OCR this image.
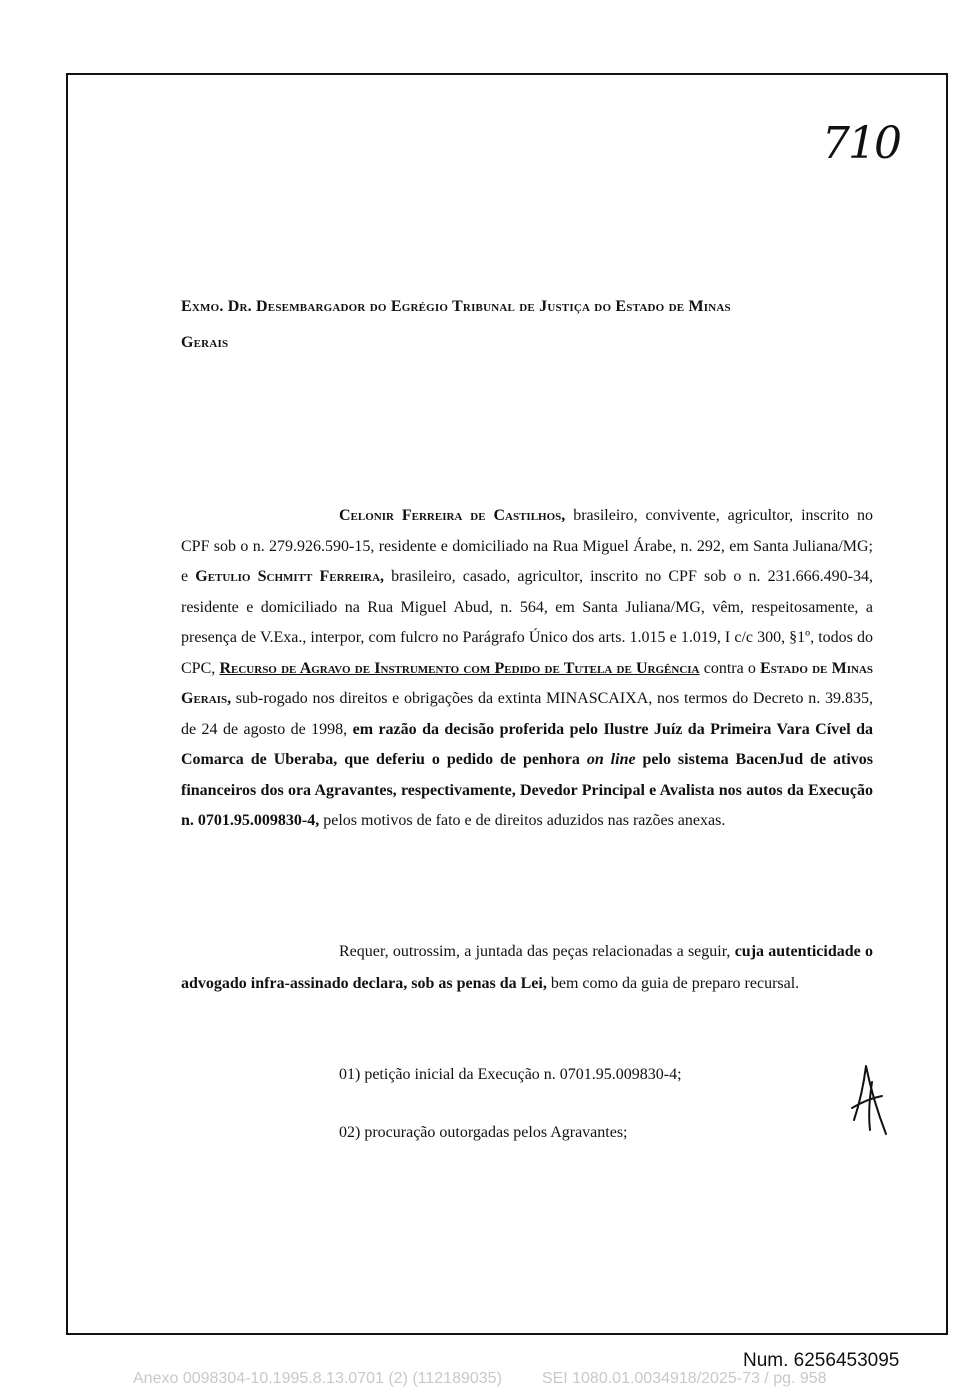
710
Exmo. Dr. Desembargador do Egrégio Tribunal de Justiça do Estado de Minas
Gerais

Celonir Ferreira de Castilhos, brasileiro, convivente, agricultor, inscrito no CPF sob o n. 279.926.590-15, residente e domiciliado na Rua Miguel Árabe, n. 292, em Santa Juliana/MG; e Getulio Schmitt Ferreira, brasileiro, casado, agricultor, inscrito no CPF sob o n. 231.666.490-34, residente e domiciliado na Rua Miguel Abud, n. 564, em Santa Juliana/MG, vêm, respeitosamente, a presença de V.Exa., interpor, com fulcro no Parágrafo Único dos arts. 1.015 e 1.019, I c/c 300, §1º, todos do CPC, Recurso de Agravo de Instrumento com Pedido de Tutela de Urgência contra o Estado de Minas Gerais, sub-rogado nos direitos e obrigações da extinta MINASCAIXA, nos termos do Decreto n. 39.835, de 24 de agosto de 1998, em razão da decisão proferida pelo Ilustre Juíz da Primeira Vara Cível da Comarca de Uberaba, que deferiu o pedido de penhora on line pelo sistema BacenJud de ativos financeiros dos ora Agravantes, respectivamente, Devedor Principal e Avalista nos autos da Execução n. 0701.95.009830-4, pelos motivos de fato e de direitos aduzidos nas razões anexas.

Requer, outrossim, a juntada das peças relacionadas a seguir, cuja autenticidade o advogado infra-assinado declara, sob as penas da Lei, bem como da guia de preparo recursal.

01) petição inicial da Execução n. 0701.95.009830-4;
02) procuração outorgadas pelos Agravantes;
Num. 6256453095
Anexo 0098304-10.1995.8.13.0701 (2) (112189035)	SEI 1080.01.0034918/2025-73 / pg. 958
